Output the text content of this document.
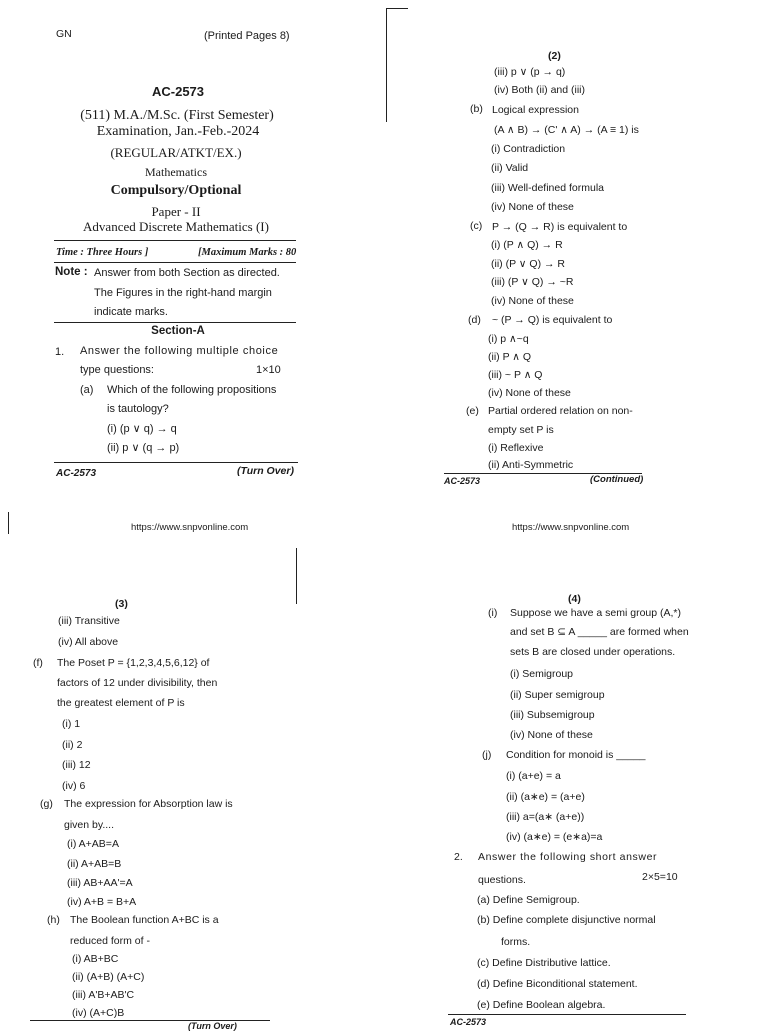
GN	(Printed Pages 8)
AC-2573
(511) M.A./M.Sc. (First Semester)
Examination, Jan.-Feb.-2024
(REGULAR/ATKT/EX.)
Mathematics
Compulsory/Optional
Paper - II
Advanced Discrete Mathematics (I)
Time : Three Hours ]	[Maximum Marks : 80
Note : Answer from both Section as directed.
The Figures in the right-hand margin
indicate marks.
Section-A
1. Answer the following multiple choice
type questions:	1×10
(a) Which of the following propositions
is tautology?
(i) (p ∨ q) → q
(ii) p ∨ (q → p)
AC-2573	(Turn Over)
https://www.snpvonline.com
(2)
(iii) p ∨ (p → q)
(iv) Both (ii) and (iii)
(b) Logical expression
(A ∧ B) → (C' ∧ A) → (A ≡ 1) is
(i) Contradiction
(ii) Valid
(iii) Well-defined formula
(iv) None of these
(c) P → (Q → R) is equivalent to
(i) (P ∧ Q) → R
(ii) (P ∨ Q) → R
(iii) (P ∨ Q) → ~R
(iv) None of these
(d) ~ (P → Q) is equivalent to
(i) p ∧~q
(ii) P ∧ Q
(iii) ~ P ∧ Q
(iv) None of these
(e) Partial ordered relation on non-
empty set P is
(i) Reflexive
(ii) Anti-Symmetric
AC-2573	(Continued)
https://www.snpvonline.com
(3)
(iii) Transitive
(iv) All above
(f) The Poset P = {1,2,3,4,5,6,12} of
factors of 12 under divisibility, then
the greatest element of P is
(i) 1
(ii) 2
(iii) 12
(iv) 6
(g) The expression for Absorption law is
given by....
(i) A+AB=A
(ii) A+AB=B
(iii) AB+AA'=A
(iv) A+B = B+A
(h) The Boolean function A+BC is a
reduced form of -
(i) AB+BC
(ii) (A+B) (A+C)
(iii) A'B+AB'C
(iv) (A+C)B
(Turn Over)
(4)
(i) Suppose we have a semi group (A,*)
and set B ⊆ A _____ are formed when
sets B are closed under operations.
(i) Semigroup
(ii) Super semigroup
(iii) Subsemigroup
(iv) None of these
(j) Condition for monoid is _____
(i) (a+e) = a
(ii) (a∗e) = (a+e)
(iii) a=(a∗ (a+e))
(iv) (a∗e) = (e∗a)=a
2. Answer the following short answer
questions.	2×5=10
(a) Define Semigroup.
(b) Define complete disjunctive normal
forms.
(c) Define Distributive lattice.
(d) Define Biconditional statement.
(e) Define Boolean algebra.
AC-2573
